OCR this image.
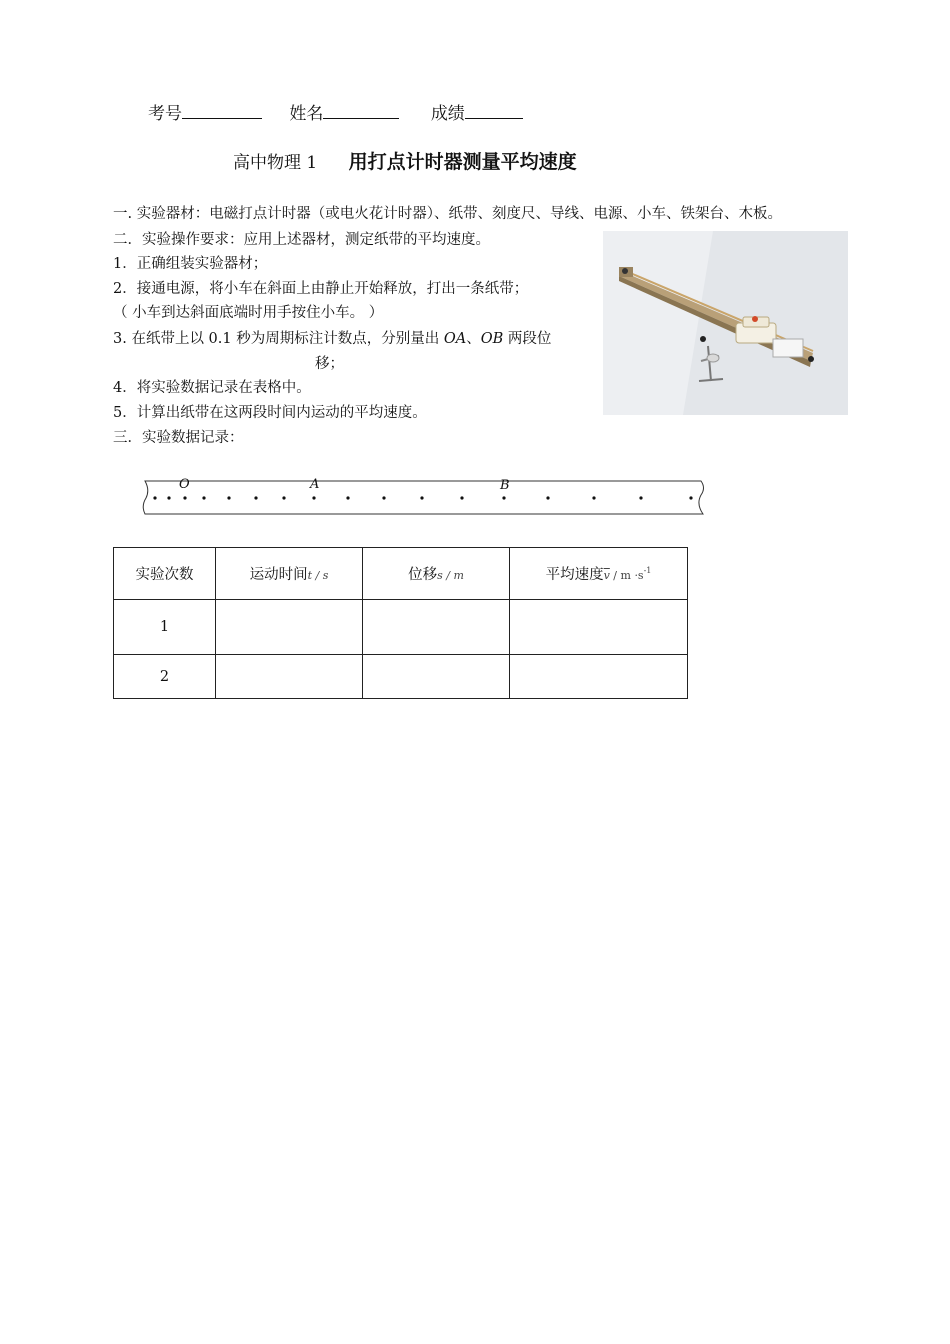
考号	姓名	成绩
高中物理 1 用打点计时器测量平均速度
一. 实验器材：电磁打点计时器（或电火花计时器）、纸带、刻度尺、导线、电源、小车、铁架台、木板。
二．实验操作要求：应用上述器材，测定纸带的平均速度。
1．正确组装实验器材；
2．接通电源，将小车在斜面上由静止开始释放，打出一条纸带；
（ 小车到达斜面底端时用手按住小车。 ）
3. 在纸带上以 0.1 秒为周期标注计数点，分别量出 OA、OB 两段位
移；
4．将实验数据记录在表格中。
5．计算出纸带在这两段时间内运动的平均速度。
三．实验数据记录：
O	A	B
实验次数	运动时间t / s	位移s / m	平均速度$\overline{v} / m \cdot s^{-1}$
1			
2			
